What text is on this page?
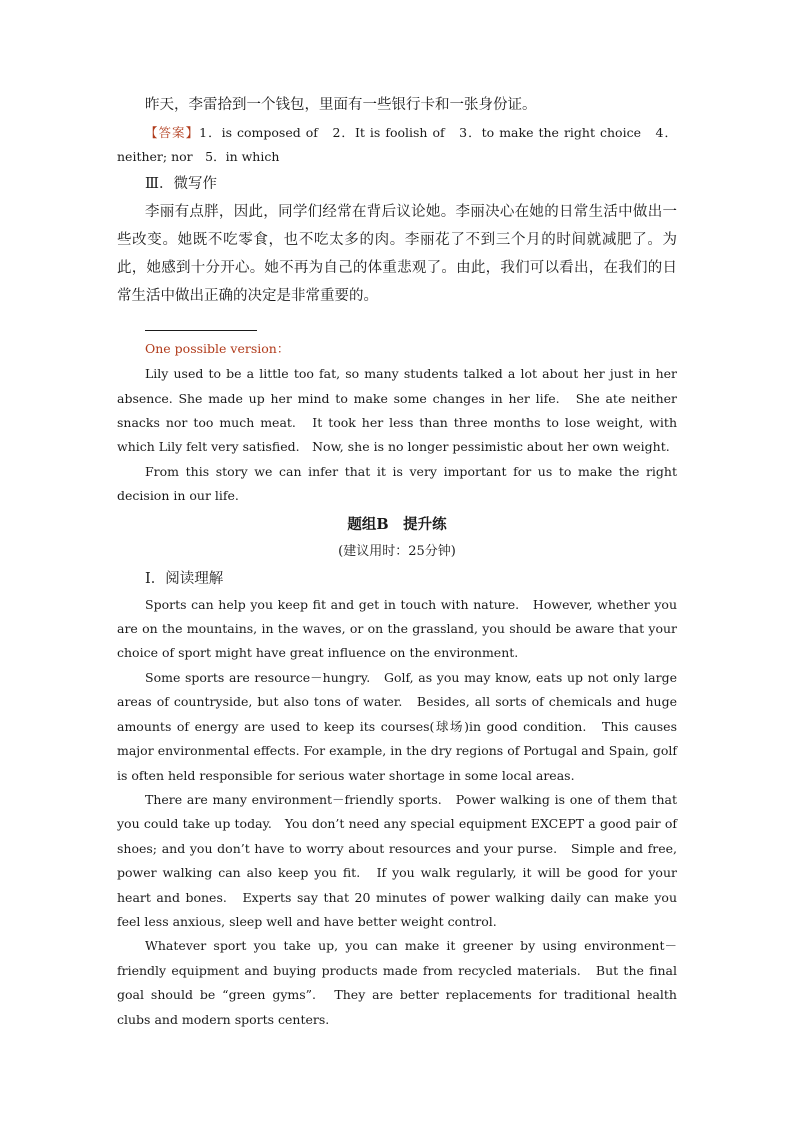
昨天，李雷拾到一个钱包，里面有一些银行卡和一张身份证。

【答案】1．is composed of　2．It is foolish of　3．to make the right choice　4．neither; nor　5．in which

Ⅲ．微写作

李丽有点胖，因此，同学们经常在背后议论她。李丽决心在她的日常生活中做出一些改变。她既不吃零食，也不吃太多的肉。李丽花了不到三个月的时间就减肥了。为此，她感到十分开心。她不再为自己的体重悲观了。由此，我们可以看出，在我们的日常生活中做出正确的决定是非常重要的。

One possible version：

Lily used to be a little too fat, so many students talked a lot about her just in her absence. She made up her mind to make some changes in her life.　She ate neither snacks nor too much meat.　It took her less than three months to lose weight, with which Lily felt very satisfied.　Now, she is no longer pessimistic about her own weight.

From this story we can infer that it is very important for us to make the right decision in our life.

题组B　提升练

(建议用时：25分钟)

Ⅰ．阅读理解

Sports can help you keep fit and get in touch with nature.　However, whether you are on the mountains, in the waves, or on the grassland, you should be aware that your choice of sport might have great influence on the environment.

Some sports are resource－hungry.　Golf, as you may know, eats up not only large areas of countryside, but also tons of water.　Besides, all sorts of chemicals and huge amounts of energy are used to keep its courses(球场)in good condition.　This causes major environmental effects. For example, in the dry regions of Portugal and Spain, golf is often held responsible for serious water shortage in some local areas.

There are many environment－friendly sports.　Power walking is one of them that you could take up today.　You don’t need any special equipment EXCEPT a good pair of shoes; and you don’t have to worry about resources and your purse.　Simple and free, power walking can also keep you fit.　If you walk regularly, it will be good for your heart and bones.　Experts say that 20 minutes of power walking daily can make you feel less anxious, sleep well and have better weight control.

Whatever sport you take up, you can make it greener by using environment－friendly equipment and buying products made from recycled materials.　But the final goal should be “green gyms”.　They are better replacements for traditional health clubs and modern sports centers.
